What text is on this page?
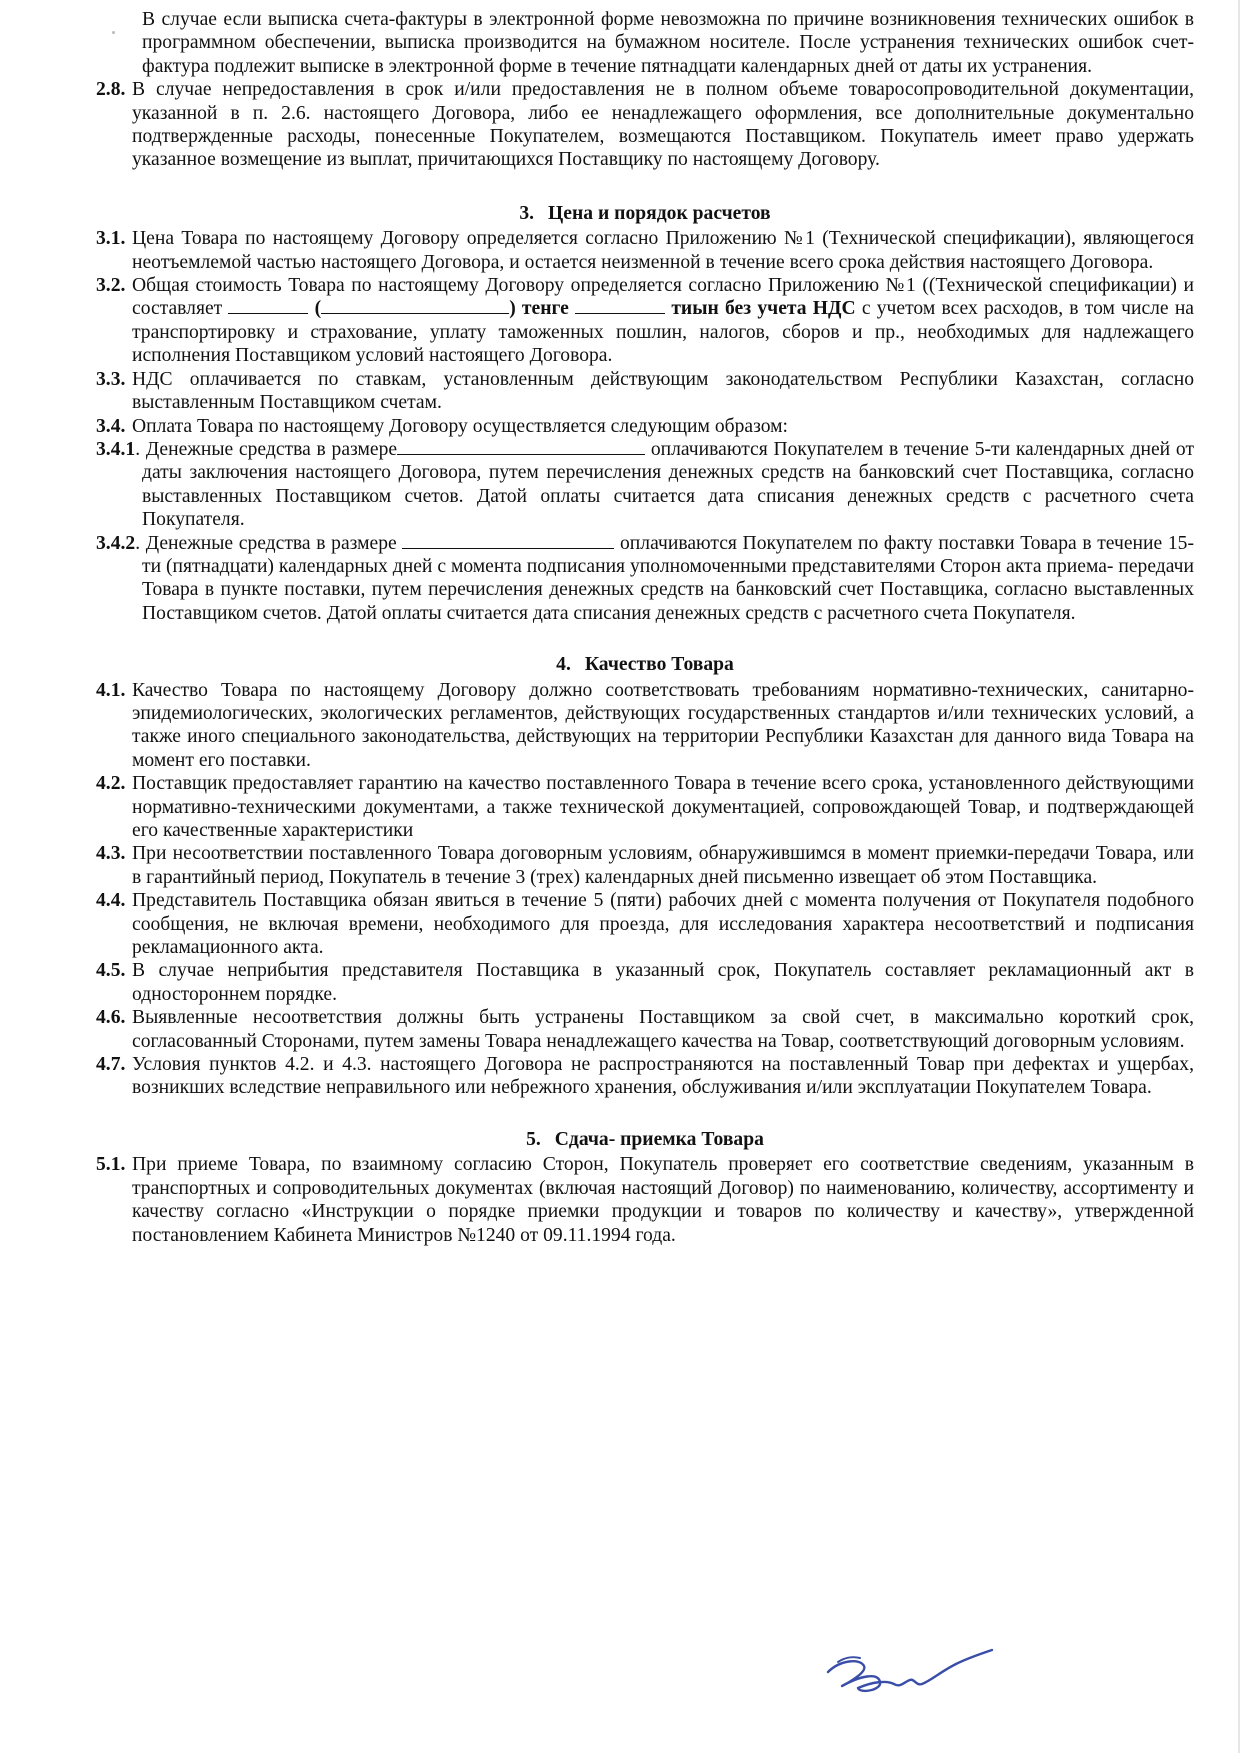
В случае если выписка счета-фактуры в электронной форме невозможна по причине возникновения технических ошибок в программном обеспечении, выписка производится на бумажном носителе. После устранения технических ошибок счет-фактура подлежит выписке в электронной форме в течение пятнадцати календарных дней от даты их устранения.
2.8. В случае непредоставления в срок и/или предоставления не в полном объеме товаросопроводительной документации, указанной в п. 2.6. настоящего Договора, либо ее ненадлежащего оформления, все дополнительные документально подтвержденные расходы, понесенные Покупателем, возмещаются Поставщиком. Покупатель имеет право удержать указанное возмещение из выплат, причитающихся Поставщику по настоящему Договору.
3. Цена и порядок расчетов
3.1. Цена Товара по настоящему Договору определяется согласно Приложению №1 (Технической спецификации), являющегося неотъемлемой частью настоящего Договора, и остается неизменной в течение всего срока действия настоящего Договора.
3.2. Общая стоимость Товара по настоящему Договору определяется согласно Приложению №1 ((Технической спецификации) и составляет	(	) тенге	тиын без учета НДС с учетом всех расходов, в том числе на транспортировку и страхование, уплату таможенных пошлин, налогов, сборов и пр., необходимых для надлежащего исполнения Поставщиком условий настоящего Договора.
3.3. НДС оплачивается по ставкам, установленным действующим законодательством Республики Казахстан, согласно выставленным Поставщиком счетам.
3.4. Оплата Товара по настоящему Договору осуществляется следующим образом:
3.4.1. Денежные средства в размере	оплачиваются Покупателем в течение 5-ти календарных дней от даты заключения настоящего Договора, путем перечисления денежных средств на банковский счет Поставщика, согласно выставленных Поставщиком счетов. Датой оплаты считается дата списания денежных средств с расчетного счета Покупателя.
3.4.2. Денежные средства в размере	оплачиваются Покупателем по факту поставки Товара в течение 15-ти (пятнадцати) календарных дней с момента подписания уполномоченными представителями Сторон акта приема- передачи Товара в пункте поставки, путем перечисления денежных средств на банковский счет Поставщика, согласно выставленных Поставщиком счетов. Датой оплаты считается дата списания денежных средств с расчетного счета Покупателя.
4. Качество Товара
4.1. Качество Товара по настоящему Договору должно соответствовать требованиям нормативно-технических, санитарно-эпидемиологических, экологических регламентов, действующих государственных стандартов и/или технических условий, а также иного специального законодательства, действующих на территории Республики Казахстан для данного вида Товара на момент его поставки.
4.2. Поставщик предоставляет гарантию на качество поставленного Товара в течение всего срока, установленного действующими нормативно-техническими документами, а также технической документацией, сопровождающей Товар, и подтверждающей его качественные характеристики
4.3. При несоответствии поставленного Товара договорным условиям, обнаружившимся в момент приемки-передачи Товара, или в гарантийный период, Покупатель в течение 3 (трех) календарных дней письменно извещает об этом Поставщика.
4.4. Представитель Поставщика обязан явиться в течение 5 (пяти) рабочих дней с момента получения от Покупателя подобного сообщения, не включая времени, необходимого для проезда, для исследования характера несоответствий и подписания рекламационного акта.
4.5. В случае неприбытия представителя Поставщика в указанный срок, Покупатель составляет рекламационный акт в одностороннем порядке.
4.6. Выявленные несоответствия должны быть устранены Поставщиком за свой счет, в максимально короткий срок, согласованный Сторонами, путем замены Товара ненадлежащего качества на Товар, соответствующий договорным условиям.
4.7. Условия пунктов 4.2. и 4.3. настоящего Договора не распространяются на поставленный Товар при дефектах и ущербах, возникших вследствие неправильного или небрежного хранения, обслуживания и/или эксплуатации Покупателем Товара.
5. Сдача- приемка Товара
5.1. При приеме Товара, по взаимному согласию Сторон, Покупатель проверяет его соответствие сведениям, указанным в транспортных и сопроводительных документах (включая настоящий Договор) по наименованию, количеству, ассортименту и качеству согласно «Инструкции о порядке приемки продукции и товаров по количеству и качеству», утвержденной постановлением Кабинета Министров №1240 от 09.11.1994 года.
